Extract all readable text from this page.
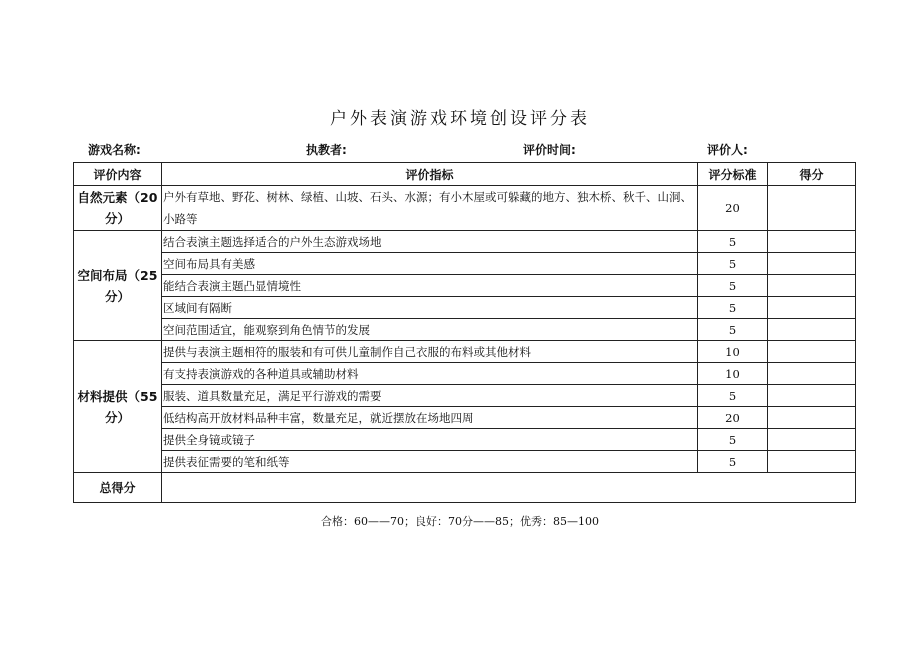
户外表演游戏环境创设评分表
游戏名称:	执教者:	评价时间:	评价人:
评价内容	评价指标	评分标准	得分
自然元素（20分）	户外有草地、野花、树林、绿植、山坡、石头、水源；有小木屋或可躲藏的地方、独木桥、秋千、山洞、小路等	20	
空间布局（25分）	结合表演主题选择适合的户外生态游戏场地	5	
	空间布局具有美感	5	
	能结合表演主题凸显情境性	5	
	区域间有隔断	5	
	空间范围适宜，能观察到角色情节的发展	5	
材料提供（55分）	提供与表演主题相符的服装和有可供儿童制作自己衣服的布料或其他材料	10	
	有支持表演游戏的各种道具或辅助材料	10	
	服装、道具数量充足，满足平行游戏的需要	5	
	低结构高开放材料品种丰富，数量充足，就近摆放在场地四周	20	
	提供全身镜或镜子	5	
	提供表征需要的笔和纸等	5	
总得分			
合格：60——70；良好：70分——85；优秀：85—100
